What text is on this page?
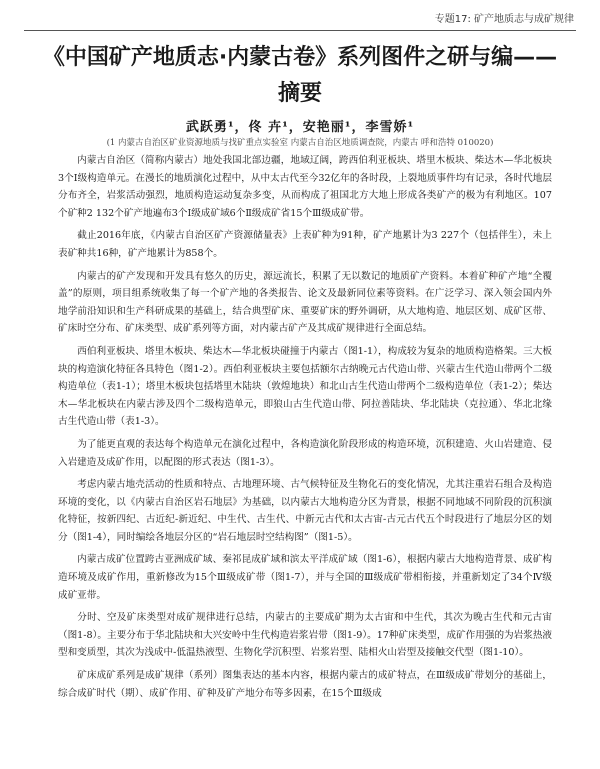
专题17: 矿产地质志与成矿规律
《中国矿产地质志·内蒙古卷》系列图件之研与编——摘要
武跃勇¹，佟 卉¹，安艳丽¹，李雪娇¹
(1 内蒙古自治区矿业资源地质与找矿重点实验室 内蒙古自治区地质调查院，内蒙古 呼和浩特 010020)

内蒙古自治区（简称内蒙古）地处我国北部边疆，地域辽阔，跨西伯利亚板块、塔里木板块、柴达木—华北板块3个Ⅰ级构造单元。在漫长的地质演化过程中，从中太古代至今32亿年的各时段，上裂地质事件均有记录，各时代地层分布齐全，岩浆活动强烈，地质构造运动复杂多变，从而构成了祖国北方大地上形成各类矿产的极为有利地区。107个矿种2 132个矿产地遍布3个Ⅰ级成矿域6个Ⅱ级成矿省15个Ⅲ级成矿带。

截止2016年底，《内蒙古自治区矿产资源储量表》上表矿种为91种，矿产地累计为3 227个（包括伴生），未上表矿种共16种，矿产地累计为858个。

内蒙古的矿产发现和开发具有悠久的历史，源远流长，积累了无以数记的地质矿产资料。本着矿种矿产地“全覆盖”的原则，项目组系统收集了每一个矿产地的各类报告、论文及最新同位素等资料。在广泛学习、深入领会国内外地学前沿知识和生产科研成果的基础上，结合典型矿床、重要矿床的野外调研，从大地构造、地层区划、成矿区带、矿床时空分布、矿床类型、成矿系列等方面，对内蒙古矿产及其成矿规律进行全面总结。

西伯利亚板块、塔里木板块、柴达木—华北板块碰撞于内蒙古（图1-1），构成较为复杂的地质构造格架。三大板块的构造演化特征各具特色（图1-2）。西伯利亚板块主要包括额尔古纳晚元古代造山带、兴蒙古生代造山带两个二级构造单位（表1-1）；塔里木板块包括塔里木陆块（敦煌地块）和北山古生代造山带两个二级构造单位（表1-2）；柴达木—华北板块在内蒙古涉及四个二级构造单元，即狼山古生代造山带、阿拉善陆块、华北陆块（克拉通）、华北北缘古生代造山带（表1-3）。

为了能更直观的表达每个构造单元在演化过程中，各构造演化阶段形成的构造环境，沉积建造、火山岩建造、侵入岩建造及成矿作用，以配图的形式表达（图1-3）。

考虑内蒙古地壳活动的性质和特点、古地理环境、古气候特征及生物化石的变化情况，尤其注重岩石组合及构造环境的变化，以《内蒙古自治区岩石地层》为基础，以内蒙古大地构造分区为背景，根据不同地域不同阶段的沉积演化特征，按新四纪、古近纪-新近纪、中生代、古生代、中新元古代和太古宙-古元古代五个时段进行了地层分区的划分（图1-4），同时编绘各地层分区的“岩石地层时空结构图”（图1-5）。

内蒙古成矿位置跨古亚洲成矿域、秦祁昆成矿域和滨太平洋成矿域（图1-6），根据内蒙古大地构造背景、成矿构造环境及成矿作用，重新修改为15个Ⅲ级成矿带（图1-7），并与全国的Ⅲ级成矿带相衔接，并重新划定了34个Ⅳ级成矿亚带。

分时、空及矿床类型对成矿规律进行总结，内蒙古的主要成矿期为太古宙和中生代，其次为晚古生代和元古宙（图1-8）。主要分布于华北陆块和大兴安岭中生代构造岩浆岩带（图1-9）。17种矿床类型，成矿作用强的为岩浆热液型和变质型，其次为浅成中-低温热液型、生物化学沉积型、岩浆岩型、陆相火山岩型及接触交代型（图1-10）。

矿床成矿系列是成矿规律（系列）图集表达的基本内容，根据内蒙古的成矿特点，在Ⅲ级成矿带划分的基础上，综合成矿时代（期）、成矿作用、矿种及矿产地分布等多因素，在15个Ⅲ级成
